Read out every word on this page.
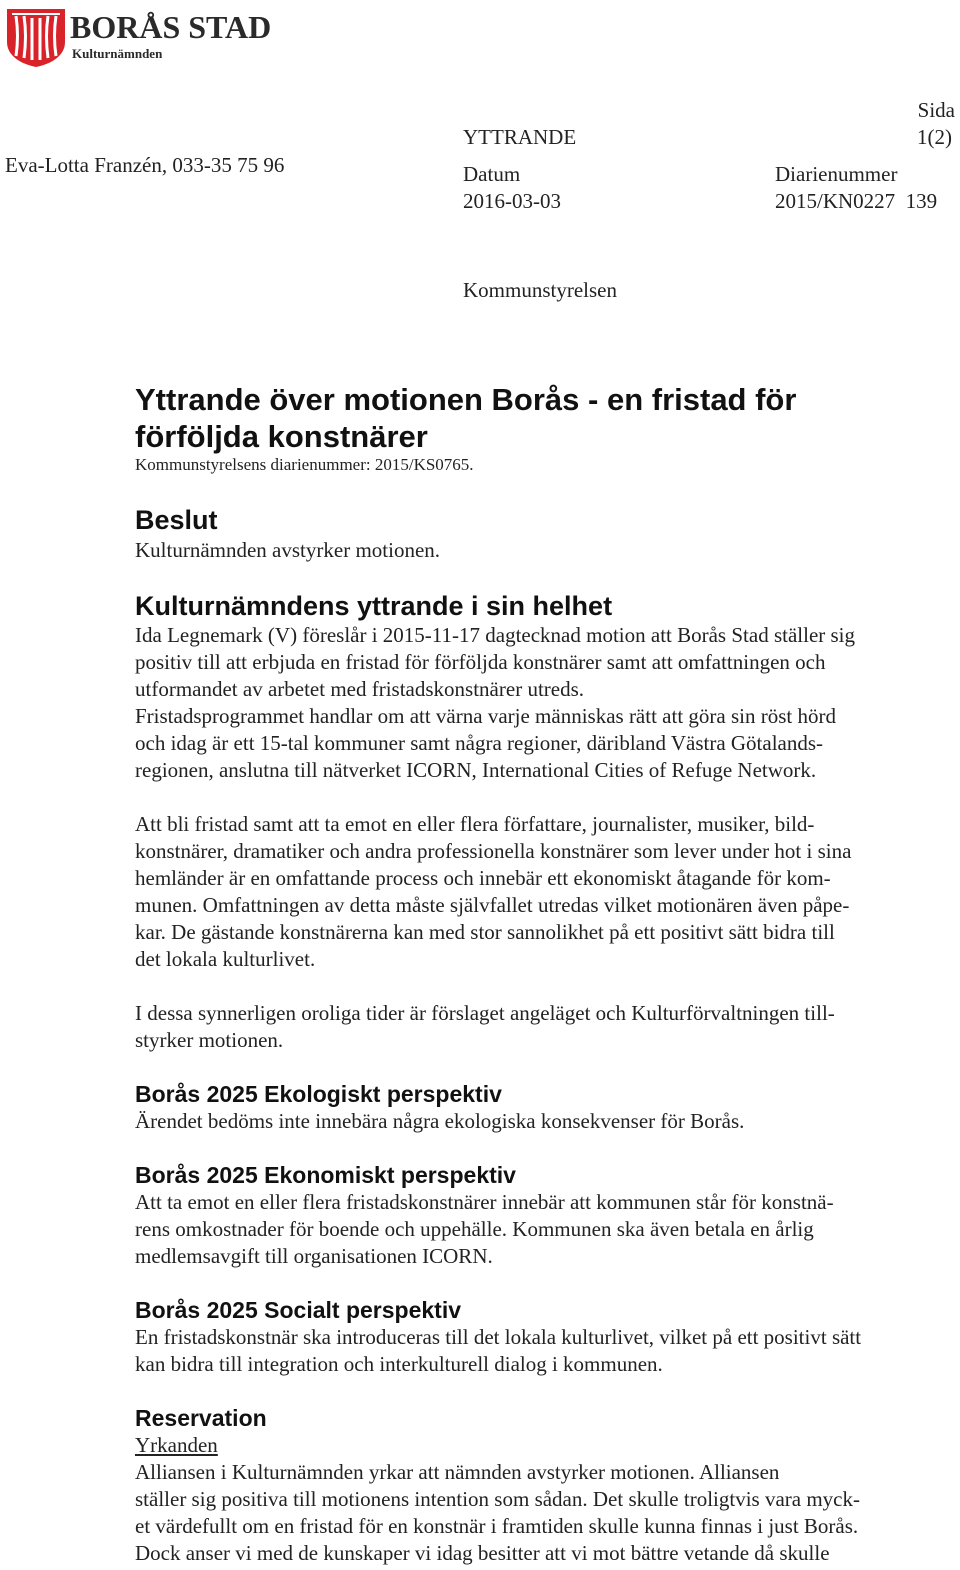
BORÅS STAD
Kulturnämnden
Eva-Lotta Franzén, 033-35 75 96
YTTRANDE
Sida
1(2)
Datum
2016-03-03
Diarienummer
2015/KN0227  139
Kommunstyrelsen
Yttrande över motionen Borås - en fristad för
förföljda konstnärer
Kommunstyrelsens diarienummer: 2015/KS0765.
Beslut
Kulturnämnden avstyrker motionen.
Kulturnämndens yttrande i sin helhet

Ida Legnemark (V) föreslår i 2015-11-17 dagtecknad motion att Borås Stad ställer sig

positiv till att erbjuda en fristad för förföljda konstnärer samt att omfattningen och

utformandet av arbetet med fristadskonstnärer utreds.

Fristadsprogrammet handlar om att värna varje människas rätt att göra sin röst hörd

och idag är ett 15-tal kommuner samt några regioner, däribland Västra Götalands-

regionen, anslutna till nätverket ICORN, International Cities of Refuge Network.

Att bli fristad samt att ta emot en eller flera författare, journalister, musiker, bild-

konstnärer, dramatiker och andra professionella konstnärer som lever under hot i sina

hemländer är en omfattande process och innebär ett ekonomiskt åtagande för kom-

munen. Omfattningen av detta måste självfallet utredas vilket motionären även påpe-

kar. De gästande konstnärerna kan med stor sannolikhet på ett positivt sätt bidra till

det lokala kulturlivet.

I dessa synnerligen oroliga tider är förslaget angeläget och Kulturförvaltningen till-

styrker motionen.

Borås 2025 Ekologiskt perspektiv

Ärendet bedöms inte innebära några ekologiska konsekvenser för Borås.

Borås 2025 Ekonomiskt perspektiv

Att ta emot en eller flera fristadskonstnärer innebär att kommunen står för konstnä-

rens omkostnader för boende och uppehälle. Kommunen ska även betala en årlig

medlemsavgift till organisationen ICORN.

Borås 2025 Socialt perspektiv

En fristadskonstnär ska introduceras till det lokala kulturlivet, vilket på ett positivt sätt

kan bidra till integration och interkulturell dialog i kommunen.

Reservation
Yrkanden

Alliansen i Kulturnämnden yrkar att nämnden avstyrker motionen. Alliansen

ställer sig positiva till motionens intention som sådan. Det skulle troligtvis vara myck-

et värdefullt om en fristad för en konstnär i framtiden skulle kunna finnas i just Borås.

Dock anser vi med de kunskaper vi idag besitter att vi mot bättre vetande då skulle
